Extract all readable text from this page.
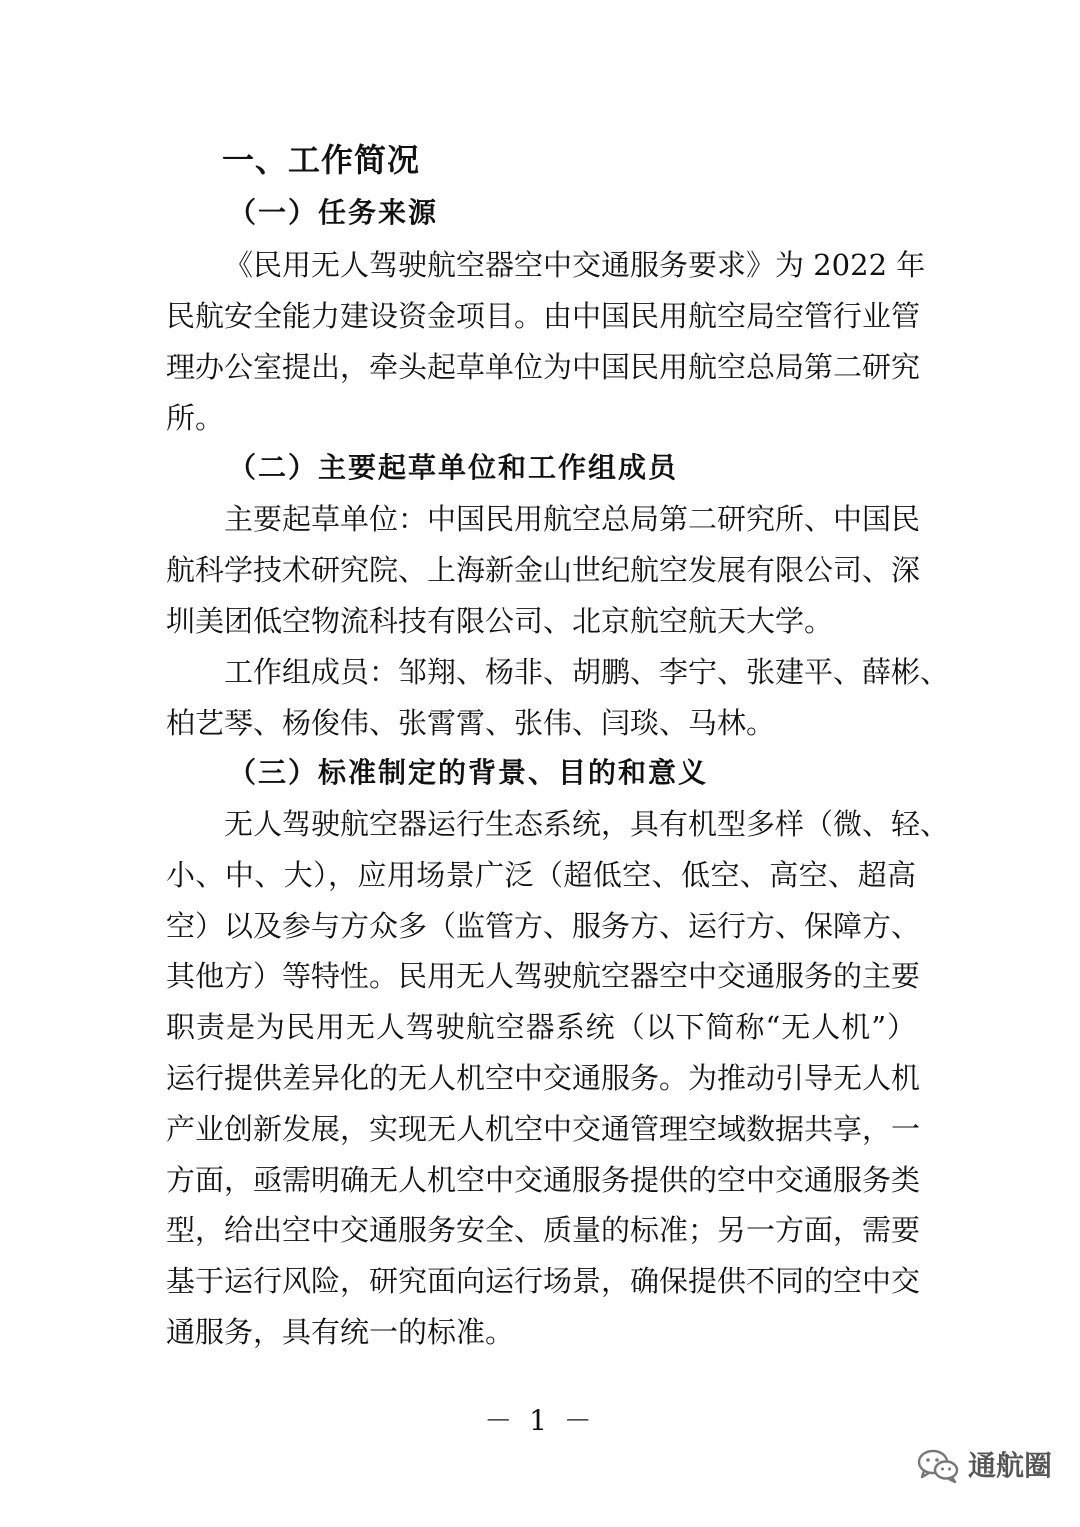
一、工作简况
（一）任务来源
《民用无人驾驶航空器空中交通服务要求》为 2022 年
民航安全能力建设资金项目。由中国民用航空局空管行业管
理办公室提出，牵头起草单位为中国民用航空总局第二研究
所。
（二）主要起草单位和工作组成员
主要起草单位：中国民用航空总局第二研究所、中国民
航科学技术研究院、上海新金山世纪航空发展有限公司、深
圳美团低空物流科技有限公司、北京航空航天大学。
工作组成员：邹翔、杨非、胡鹏、李宁、张建平、薛彬、
柏艺琴、杨俊伟、张霄霄、张伟、闫琰、马林。
（三）标准制定的背景、目的和意义
无人驾驶航空器运行生态系统，具有机型多样（微、轻、
小、中、大），应用场景广泛（超低空、低空、高空、超高
空）以及参与方众多（监管方、服务方、运行方、保障方、
其他方）等特性。民用无人驾驶航空器空中交通服务的主要
职责是为民用无人驾驶航空器系统（以下简称“无人机”）
运行提供差异化的无人机空中交通服务。为推动引导无人机
产业创新发展，实现无人机空中交通管理空域数据共享，一
方面，亟需明确无人机空中交通服务提供的空中交通服务类
型，给出空中交通服务安全、质量的标准；另一方面，需要
基于运行风险，研究面向运行场景，确保提供不同的空中交
通服务，具有统一的标准。
－ 1 －
通航圈
